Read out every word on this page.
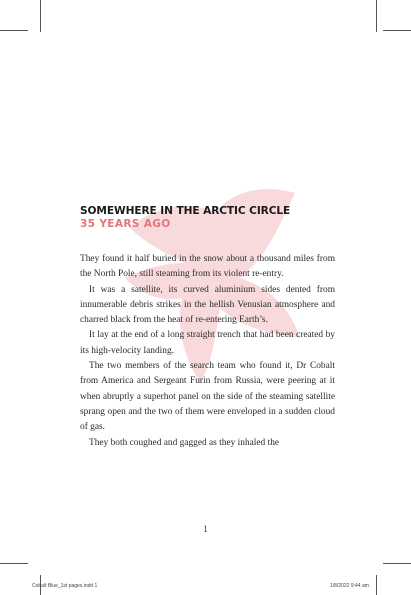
SOMEWHERE IN THE ARCTIC CIRCLE
35 YEARS AGO

They found it half buried in the snow about a thousand miles from the North Pole, still steaming from its violent re-entry.

It was a satellite, its curved aluminium sides dented from innumerable debris strikes in the hellish Venusian atmosphere and charred black from the heat of re-entering Earth’s.

It lay at the end of a long straight trench that had been created by its high-velocity landing.

The two members of the search team who found it, Dr Cobalt from America and Sergeant Furin from Russia, were peering at it when abruptly a superhot panel on the side of the steaming satellite sprang open and the two of them were enveloped in a sudden cloud of gas.

They both coughed and gagged as they inhaled the

1
Cobalt Blue_1st pages.indd 1	1/8/2022 9:44 am
